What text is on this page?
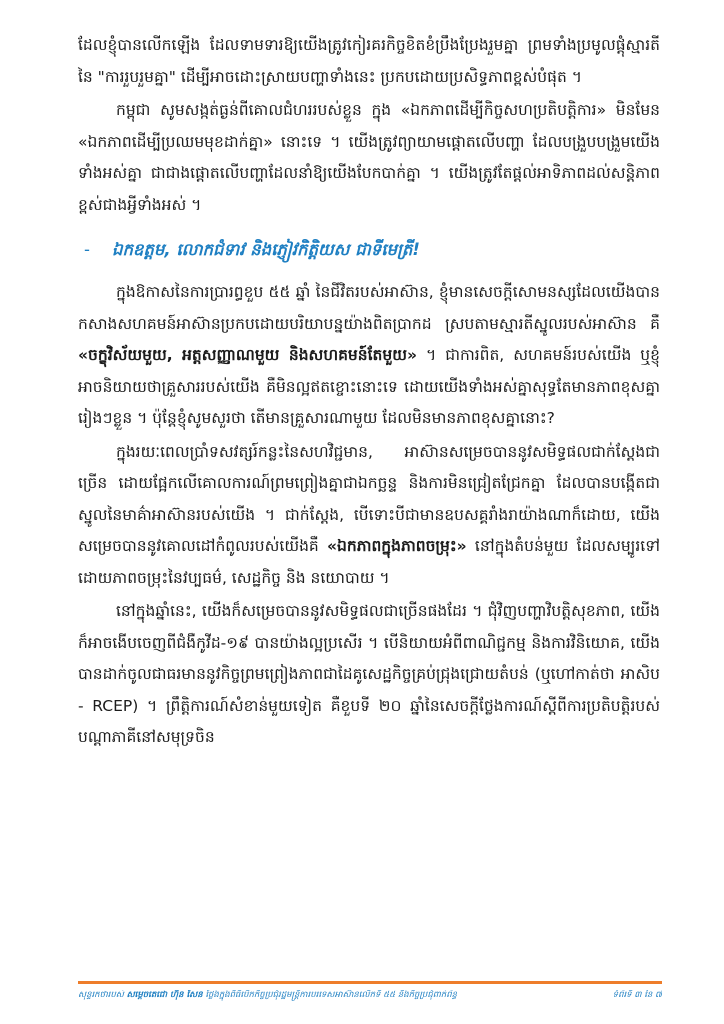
ដែលខ្ញុំបានលើកឡើង ដែលទាមទារឱ្យយើងត្រូវកៀរគរកិច្ចខិតខំប្រឹងប្រែងរួមគ្នា ព្រមទាំងប្រមូលផ្តុំស្មារតីនៃ "ការរួបរួមគ្នា" ដើម្បីអាចដោះស្រាយបញ្ហាទាំងនេះ ប្រកបដោយប្រសិទ្ធភាពខ្ពស់បំផុត ។

កម្ពុជា សូមសង្កត់ធ្ងន់ពីគោលជំហររបស់ខ្លួន ក្នុង «ឯកភាពដើម្បីកិច្ចសហប្រតិបត្តិការ» មិនមែន «ឯកភាពដើម្បីប្រឈមមុខដាក់គ្នា» នោះទេ ។ យើងត្រូវព្យាយាមផ្តោតលើបញ្ហា ដែលបង្រួបបង្រួមយើងទាំងអស់គ្នា ជាជាងផ្តោតលើបញ្ហាដែលនាំឱ្យយើងបែកបាក់គ្នា ។ យើងត្រូវតែផ្តល់អាទិភាពដល់សន្តិភាព ខ្ពស់ជាងអ្វីទាំងអស់ ។

- ឯកឧត្តម, លោកជំទាវ និងភ្ញៀវកិត្តិយស ជាទីមេត្រី!

ក្នុងឱកាសនៃការប្រារព្ធខួប ៥៥ ឆ្នាំ នៃជីវិតរបស់អាស៊ាន, ខ្ញុំមានសេចក្តីសោមនស្សដែលយើងបានកសាងសហគមន៍អាស៊ានប្រកបដោយបរិយាបន្នយ៉ាងពិតប្រាកដ ស្របតាមស្មារតីស្នូលរបស់អាស៊ាន គឺ «ចក្ខុវិស័យមួយ, អត្តសញ្ញាណមួយ និងសហគមន៍តែមួយ» ។ ជាការពិត, សហគមន៍របស់យើង ឬខ្ញុំអាចនិយាយថាគ្រួសាររបស់យើង គឺមិនល្អឥតខ្ចោះនោះទេ ដោយយើងទាំងអស់គ្នាសុទ្ធតែមានភាពខុសគ្នារៀងៗខ្លួន ។ ប៉ុន្តែខ្ញុំសូមសួរថា តើមានគ្រួសារណាមួយ ដែលមិនមានភាពខុសគ្នានោះ?

ក្នុងរយៈពេលប្រាំទសវត្សរ៍កន្លះនៃសហវិជ្ជមាន, អាស៊ានសម្រេចបាននូវសមិទ្ធផលជាក់ស្តែងជាច្រើន ដោយផ្អែកលើគោលការណ៍ព្រមព្រៀងគ្នាជាឯកច្ឆន្ទ និងការមិនជ្រៀតជ្រែកគ្នា ដែលបានបង្កើតជាស្នូលនៃមាគ៌ាអាស៊ានរបស់យើង ។ ជាក់ស្តែង, បើទោះបីជាមានឧបសគ្គរាំងរាយ៉ាងណាក៏ដោយ, យើងសម្រេចបាននូវគោលដៅកំពូលរបស់យើងគឺ «ឯកភាពក្នុងភាពចម្រុះ» នៅក្នុងតំបន់មួយ ដែលសម្បូរទៅដោយភាពចម្រុះនៃវប្បធម៌, សេដ្ឋកិច្ច និង នយោបាយ ។

នៅក្នុងឆ្នាំនេះ, យើងក៏សម្រេចបាននូវសមិទ្ធផលជាច្រើនផងដែរ ។ ជុំវិញបញ្ហាវិបត្តិសុខភាព, យើងក៏អាចងើបចេញពីជំងឺកូវីដ-១៩ បានយ៉ាងល្អប្រសើរ ។ បើនិយាយអំពីពាណិជ្ជកម្ម និងការវិនិយោគ, យើងបានដាក់ចូលជាធរមាននូវកិច្ចព្រមព្រៀងភាពជាដៃគូសេដ្ឋកិច្ចគ្រប់ជ្រុងជ្រោយតំបន់ (ឬហៅកាត់ថា អាសិប - RCEP) ។ ព្រឹត្តិការណ៍សំខាន់មួយទៀត គឺខួបទី ២០ ឆ្នាំនៃសេចក្តីថ្លែងការណ៍ស្តីពីការប្រតិបត្តិរបស់បណ្តាភាគីនៅសមុទ្រចិន

សុន្ទរកថារបស់ សម្តេចតេជោ ហ៊ុន សែន ថ្លែងក្នុងពិធីបើកកិច្ចប្រជុំរដ្ឋមន្ត្រីការបរទេសអាស៊ានលើកទី ៥៥ និងកិច្ចប្រជុំពាក់ព័ន្ធ	ទំព័រទី ៣ នៃ ៧
